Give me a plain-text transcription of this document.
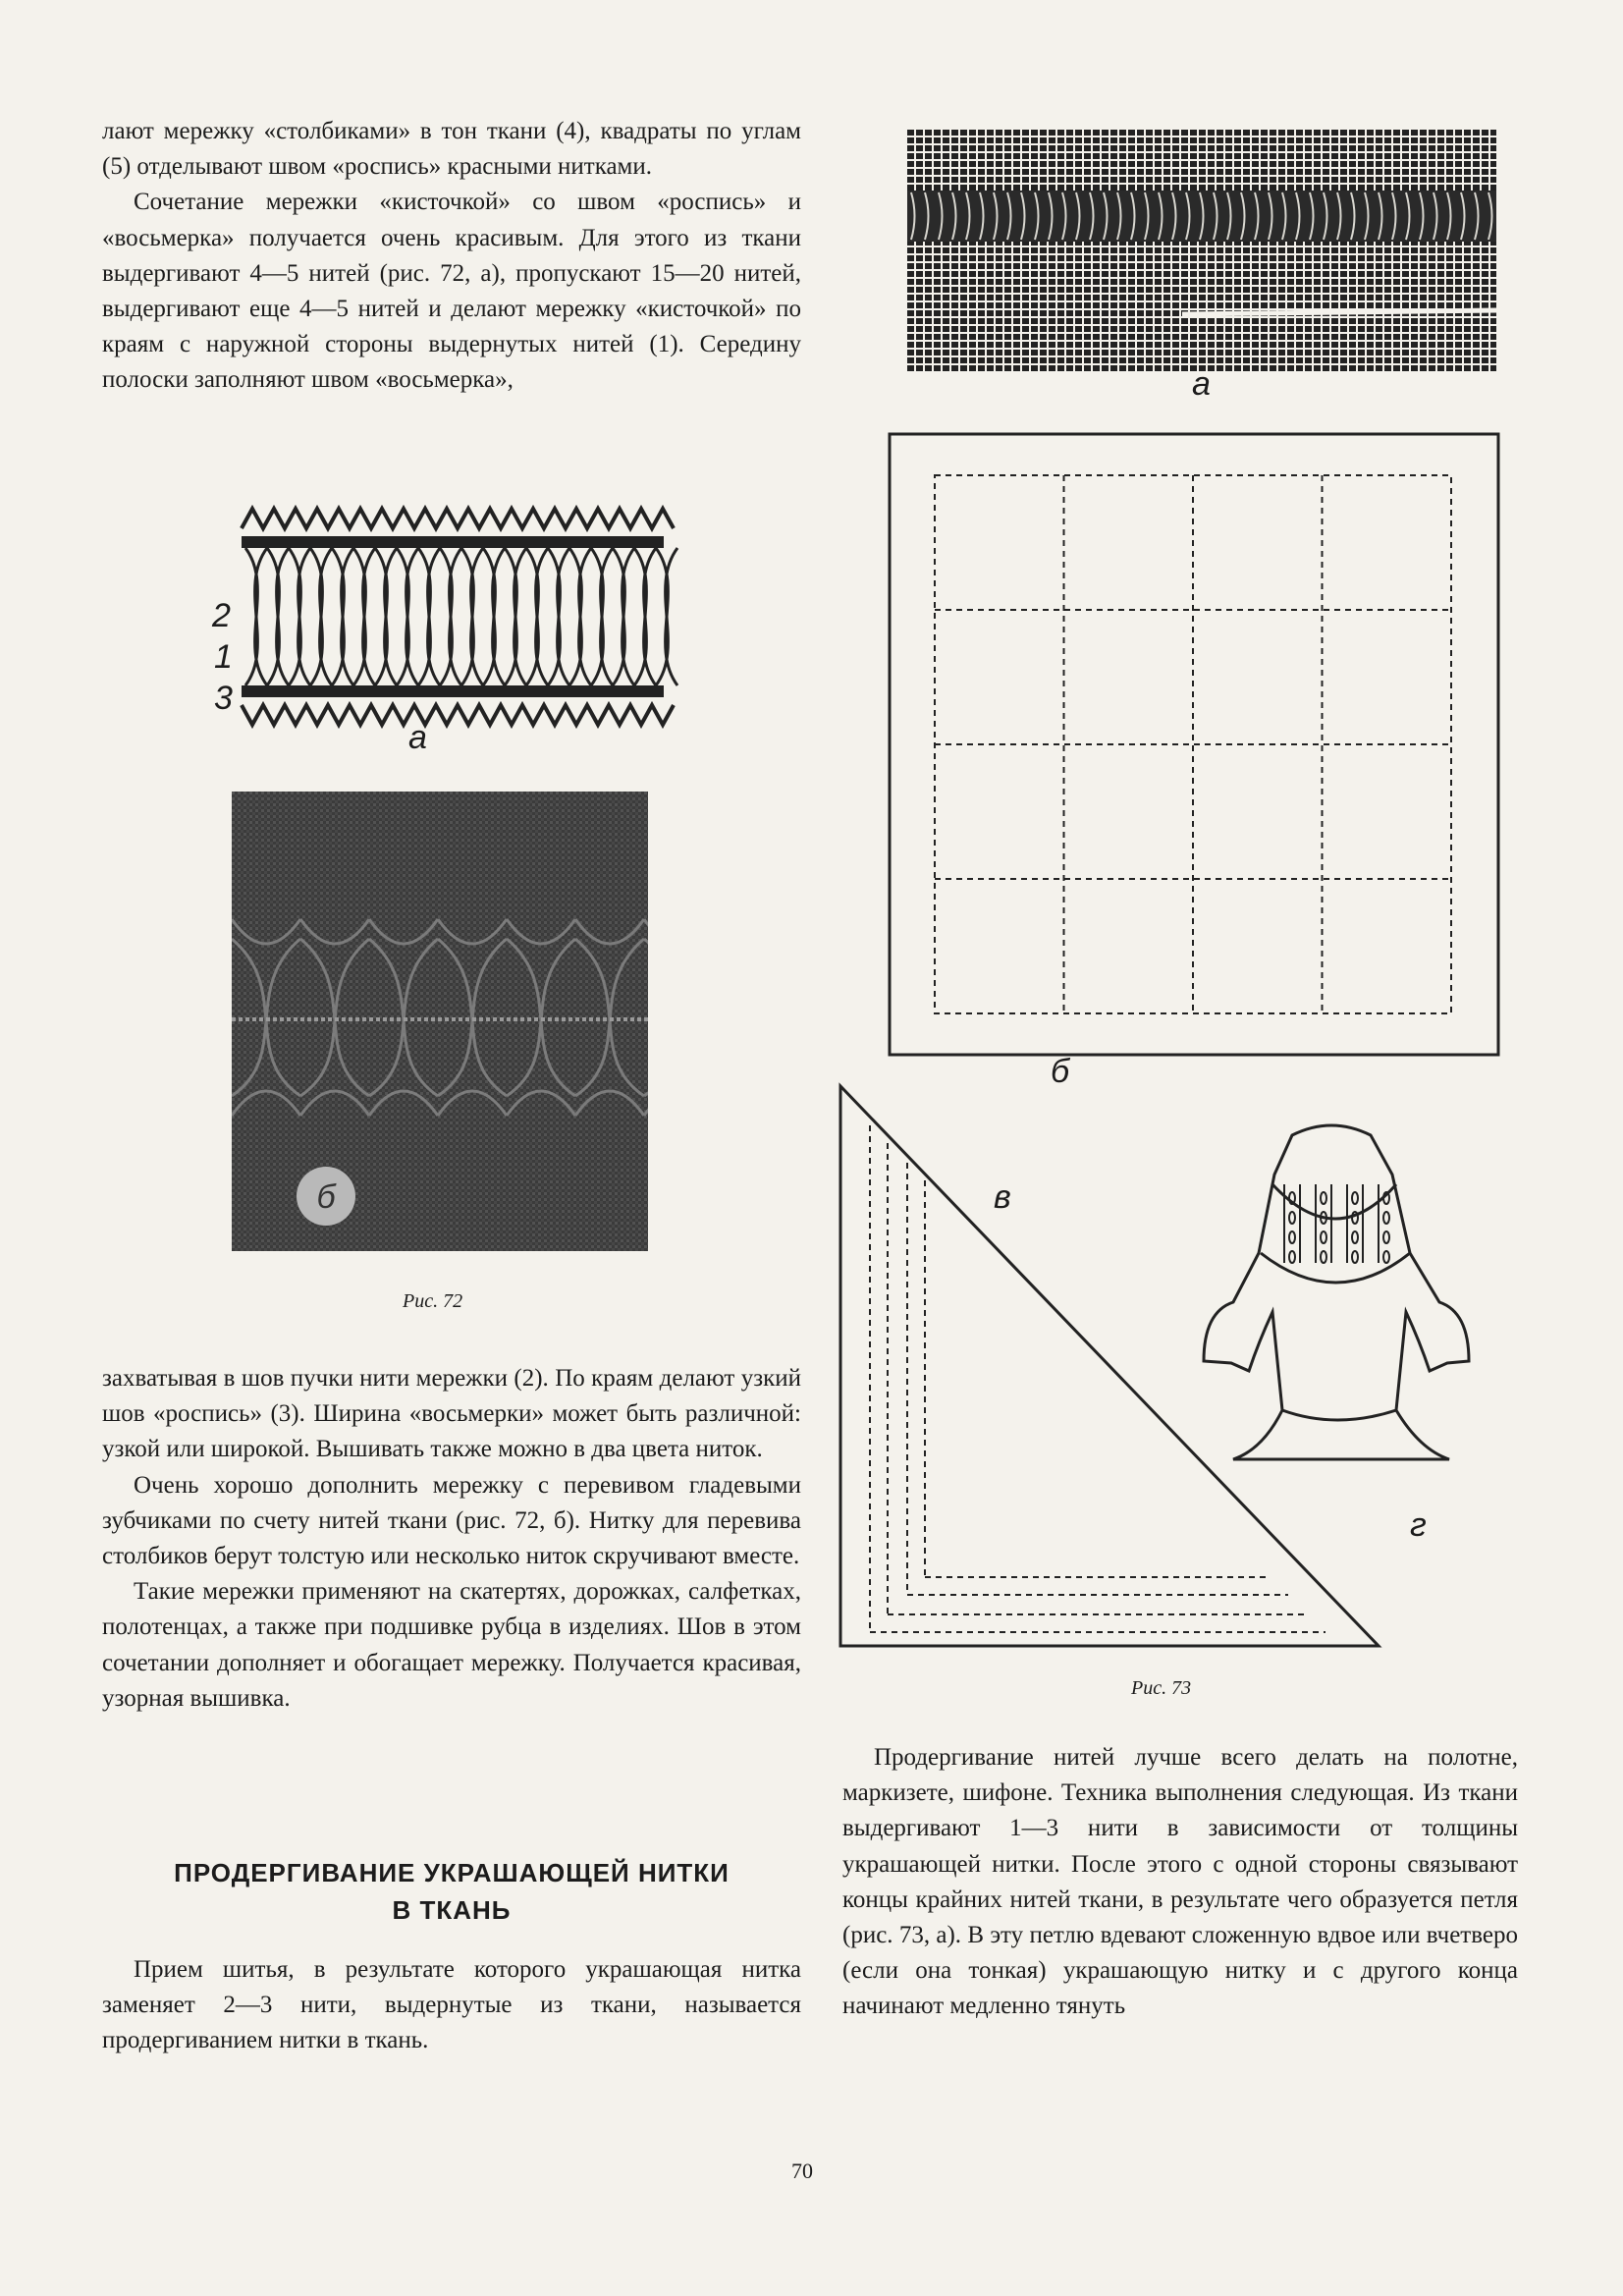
лают мережку «столбиками» в тон ткани (4), квадраты по углам (5) отделывают швом «роспись» красными нитками.

Сочетание мережки «кисточкой» со швом «роспись» и «восьмерка» получается очень красивым. Для этого из ткани выдергивают 4—5 нитей (рис. 72, а), пропускают 15—20 нитей, выдергивают еще 4—5 нитей и делают мережку «кисточкой» по краям с наружной стороны выдернутых нитей (1). Середину полоски заполняют швом «восьмерка»,

2
1
3
а
б
Рис. 72

захватывая в шов пучки нити мережки (2). По краям делают узкий шов «роспись» (3). Ширина «восьмерки» может быть различной: узкой или широкой. Вышивать также можно в два цвета ниток.

Очень хорошо дополнить мережку с перевивом гладевыми зубчиками по счету нитей ткани (рис. 72, б). Нитку для перевива столбиков берут толстую или несколько ниток скручивают вместе.

Такие мережки применяют на скатертях, дорожках, салфетках, полотенцах, а также при подшивке рубца в изделиях. Шов в этом сочетании дополняет и обогащает мережку. Получается красивая, узорная вышивка.

ПРОДЕРГИВАНИЕ УКРАШАЮЩЕЙ НИТКИ
В ТКАНЬ

Прием шитья, в результате которого украшающая нитка заменяет 2—3 нити, выдернутые из ткани, называется продергиванием нитки в ткань.

а
б
в
г
Рис. 73

Продергивание нитей лучше всего делать на полотне, маркизете, шифоне. Техника выполнения следующая. Из ткани выдергивают 1—3 нити в зависимости от толщины украшающей нитки. После этого с одной стороны связывают концы крайних нитей ткани, в результате чего образуется петля (рис. 73, а). В эту петлю вдевают сложенную вдвое или вчетверо (если она тонкая) украшающую нитку и с другого конца начинают медленно тянуть

70
